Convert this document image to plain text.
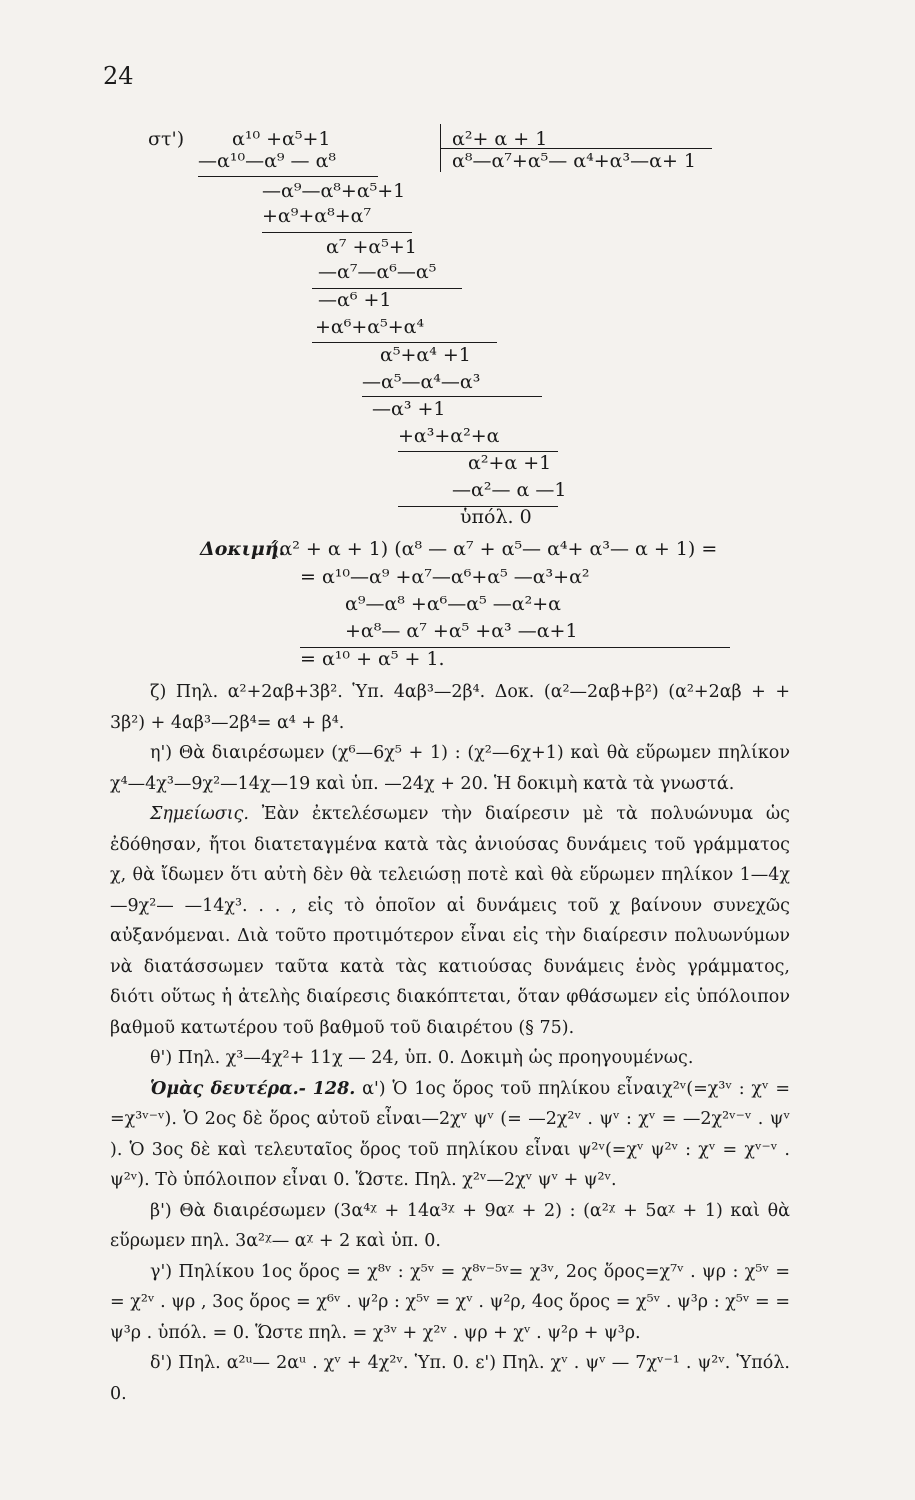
24
στ')	α¹⁰ +α⁵+1	α²+ α + 1
α⁸—α⁷+α⁵— α⁴+α³—α+ 1
—α¹⁰—α⁹ — α⁸
—α⁹—α⁸+α⁵+1
+α⁹+α⁸+α⁷
α⁷ +α⁵+1
—α⁷—α⁶—α⁵
—α⁶ +1
+α⁶+α⁵+α⁴
α⁵+α⁴ +1
—α⁵—α⁴—α³
—α³ +1
+α³+α²+α
α²+α +1
—α²— α —1
ὑπόλ. 0
Δοκιμή.
(α² + α + 1) (α⁸ — α⁷ + α⁵— α⁴+ α³— α + 1) =
= α¹⁰—α⁹ +α⁷—α⁶+α⁵ —α³+α²
α⁹—α⁸ +α⁶—α⁵ —α²+α
+α⁸— α⁷ +α⁵ +α³ —α+1
= α¹⁰ + α⁵ + 1.

ζ) Πηλ. α²+2αβ+3β². Ὑπ. 4αβ³—2β⁴. Δοκ. (α²—2αβ+β²) (α²+2αβ + + 3β²) + 4αβ³—2β⁴= α⁴ + β⁴.

η') Θὰ διαιρέσωμεν (χ⁶—6χ⁵ + 1) : (χ²—6χ+1) καὶ θὰ εὕρωμεν πηλίκον χ⁴—4χ³—9χ²—14χ—19 καὶ ὑπ. —24χ + 20. Ἡ δοκιμὴ κατὰ τὰ γνωστά.

Σημείωσις. Ἐὰν ἐκτελέσωμεν τὴν διαίρεσιν μὲ τὰ πολυώνυμα ὡς ἐδόθησαν, ἤτοι διατεταγμένα κατὰ τὰς ἀνιούσας δυνάμεις τοῦ γράμματος χ, θὰ ἴδωμεν ὅτι αὐτὴ δὲν θὰ τελειώσῃ ποτὲ καὶ θὰ εὕρωμεν πηλίκον 1—4χ—9χ²— —14χ³. . . , εἰς τὸ ὁποῖον αἱ δυνάμεις τοῦ χ βαίνουν συνεχῶς αὐξανόμεναι. Διὰ τοῦτο προτιμότερον εἶναι εἰς τὴν διαίρεσιν πολυωνύμων νὰ διατάσσωμεν ταῦτα κατὰ τὰς κατιούσας δυνάμεις ἑνὸς γράμματος, διότι οὕτως ἡ ἀτελὴς διαίρεσις διακόπτεται, ὅταν φθάσωμεν εἰς ὑπόλοιπον βαθμοῦ κατωτέρου τοῦ βαθμοῦ τοῦ διαιρέτου (§ 75).

θ') Πηλ. χ³—4χ²+ 11χ — 24, ὑπ. 0. Δοκιμὴ ὡς προηγουμένως.

Ὁμὰς δευτέρα.- 128. α') Ὁ 1ος ὅρος τοῦ πηλίκου εἶναιχ²ᵛ(=χ³ᵛ : χᵛ = =χ³ᵛ⁻ᵛ). Ὁ 2ος δὲ ὅρος αὐτοῦ εἶναι—2χᵛ ψᵛ (= —2χ²ᵛ . ψᵛ : χᵛ = —2χ²ᵛ⁻ᵛ . ψᵛ ). Ὁ 3ος δὲ καὶ τελευταῖος ὅρος τοῦ πηλίκου εἶναι ψ²ᵛ(=χᵛ ψ²ᵛ : χᵛ = χᵛ⁻ᵛ . ψ²ᵛ). Τὸ ὑπόλοιπον εἶναι 0. Ὥστε. Πηλ. χ²ᵛ—2χᵛ ψᵛ + ψ²ᵛ.

β') Θὰ διαιρέσωμεν (3α⁴ᵡ + 14α³ᵡ + 9αᵡ + 2) : (α²ᵡ + 5αᵡ + 1) καὶ θὰ εὕρωμεν πηλ. 3α²ᵡ— αᵡ + 2 καὶ ὑπ. 0.

γ') Πηλίκου 1ος ὅρος = χ⁸ᵛ : χ⁵ᵛ = χ⁸ᵛ⁻⁵ᵛ= χ³ᵛ, 2ος ὅρος=χ⁷ᵛ . ψρ : χ⁵ᵛ = = χ²ᵛ . ψρ , 3ος ὅρος = χ⁶ᵛ . ψ²ρ : χ⁵ᵛ = χᵛ . ψ²ρ, 4ος ὅρος = χ⁵ᵛ . ψ³ρ : χ⁵ᵛ = = ψ³ρ . ὑπόλ. = 0. Ὥστε πηλ. = χ³ᵛ + χ²ᵛ . ψρ + χᵛ . ψ²ρ + ψ³ρ.

δ') Πηλ. α²ᵘ— 2αᵘ . χᵛ + 4χ²ᵛ. Ὑπ. 0. ε') Πηλ. χᵛ . ψᵛ — 7χᵛ⁻¹ . ψ²ᵛ. Ὑπόλ. 0.
